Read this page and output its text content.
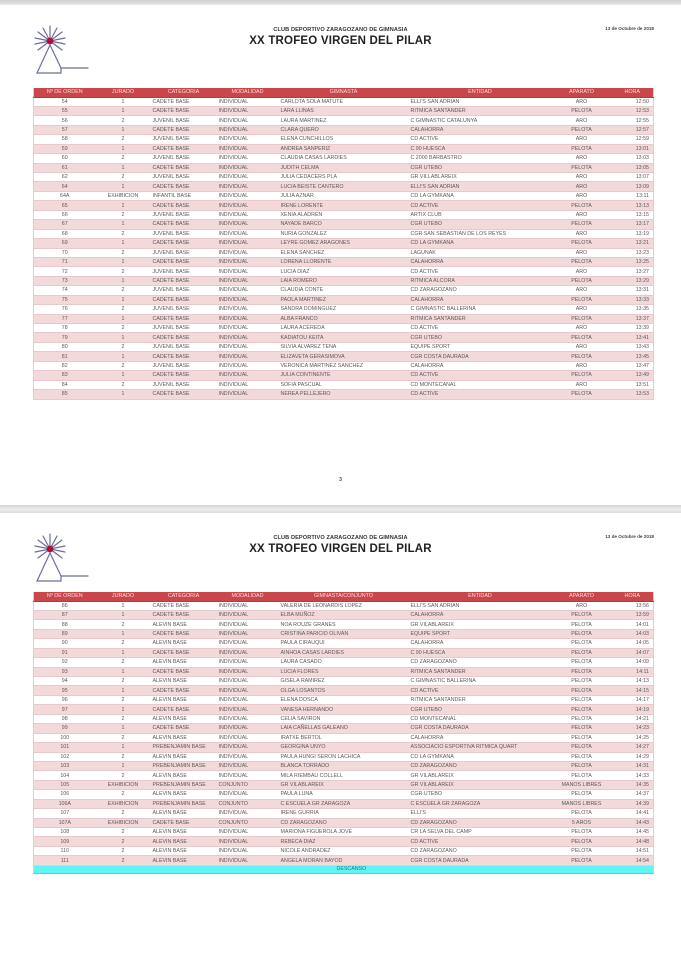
CLUB DEPORTIVO ZARAGOZANO DE GIMNASIA
XX TROFEO VIRGEN DEL PILAR
13 de Octubre de 2018
Nº DE ORDEN	JURADO	CATEGORIA	MODALIDAD	GIMNASTA	ENTIDAD	APARATO	HORA
54	1	CADETE BASE	INDIVIDUAL	CARLOTA SOLA MATUTE	ELLI'S SAN ADRIAN	ARO	12:50
55	1	CADETE BASE	INDIVIDUAL	LARA LLINAS	RITMICA SANTANDER	PELOTA	12:53
56	2	JUVENIL BASE	INDIVIDUAL	LAURA MARTINEZ	C GIMNASTIC CATALUNYA	ARO	12:55
57	1	CADETE BASE	INDIVIDUAL	CLARA QUERO	CALAHORRA	PELOTA	12:57
58	2	JUVENIL BASE	INDIVIDUAL	ELENA CUNCHILLOS	CD ACTIVE	ARO	12:59
59	1	CADETE BASE	INDIVIDUAL	ANDREA SANPERIZ	C 90 HUESCA	PELOTA	13:01
60	2	JUVENIL BASE	INDIVIDUAL	CLAUDIA CASAS LARDIES	C 2000 BARBASTRO	ARO	13:03
61	1	CADETE BASE	INDIVIDUAL	JUDITH CELMA	CGR UTEBO	PELOTA	13:05
62	2	JUVENIL BASE	INDIVIDUAL	JULIA CEDACERS PLA	GR VILLABLAREIX	ARO	13:07
64	1	CADETE BASE	INDIVIDUAL	LUCIA BEISTE CANTERO	ELLI'S SAN ADRIAN	ARO	13:09
64A	EXHIBICION	INFANTIL BASE	INDIVIDUAL	JULIA AZNAR	CD LA GYMKANA	ARO	13:11
65	1	CADETE BASE	INDIVIDUAL	IRENE LORENTE	CD ACTIVE	PELOTA	13:13
66	2	JUVENIL BASE	INDIVIDUAL	XENIA ALADREN	ARTIX CLUB	ARO	13:15
67	1	CADETE BASE	INDIVIDUAL	NAYADE BARCO	CGR UTEBO	PELOTA	13:17
68	2	JUVENIL BASE	INDIVIDUAL	NURIA GONZALEZ	CGR SAN SEBASTIAN DE LOS REYES	ARO	13:19
69	1	CADETE BASE	INDIVIDUAL	LEYRE GOMEZ ARAGONES	CD LA GYMKANA	PELOTA	13:21
70	2	JUVENIL BASE	INDIVIDUAL	ELENA SANCHEZ	LAGUNAK	ARO	13:23
71	1	CADETE BASE	INDIVIDUAL	LORENA LLORENTE	CALAHORRA	PELOTA	13:25
72	2	JUVENIL BASE	INDIVIDUAL	LUCIA DIAZ	CD ACTIVE	ARO	13:27
73	1	CADETE BASE	INDIVIDUAL	LAIA ROMERO	RITMICA ALCORA	PELOTA	13:29
74	2	JUVENIL BASE	INDIVIDUAL	CLAUDIA CONTE	CD ZARAGOZANO	ARO	13:31
75	1	CADETE BASE	INDIVIDUAL	PAOLA MARTINEZ	CALAHORRA	PELOTA	13:33
76	2	JUVENIL BASE	INDIVIDUAL	SANDRA DOMINGUEZ	C GIMNASTIC BALLERINA	ARO	13:35
77	1	CADETE BASE	INDIVIDUAL	ALBA FRANCO	RITMICA SANTANDER	PELOTA	13:37
78	2	JUVENIL BASE	INDIVIDUAL	LAURA ACEREDA	CD ACTIVE	ARO	13:39
79	1	CADETE BASE	INDIVIDUAL	KADIATOU KEITA	CGR UTEBO	PELOTA	13:41
80	2	JUVENIL BASE	INDIVIDUAL	SILVIA ALVAREZ TENA	EQUIPE SPORT	ARO	13:43
81	1	CADETE BASE	INDIVIDUAL	ELIZAVETA GERASIMOVA	CGR COSTA DAURADA	PELOTA	13:45
82	2	JUVENIL BASE	INDIVIDUAL	VERONICA MARTINEZ SANCHEZ	CALAHORRA	ARO	13:47
83	1	CADETE BASE	INDIVIDUAL	JULIA CONTINENTE	CD ACTIVE	PELOTA	13:49
84	2	JUVENIL BASE	INDIVIDUAL	SOFIA PASCUAL	CD MONTECANAL	ARO	13:51
85	1	CADETE BASE	INDIVIDUAL	NEREA PELLEJERO	CD ACTIVE	PELOTA	13:53
3
CLUB DEPORTIVO ZARAGOZANO DE GIMNASIA
XX TROFEO VIRGEN DEL PILAR
13 de Octubre de 2018
Nº DE ORDEN	JURADO	CATEGORIA	MODALIDAD	GIMNASTA/CONJUNTO	ENTIDAD	APARATO	HORA
86	1	CADETE BASE	INDIVIDUAL	VALERIA DE LEONARDIS LOPEZ	ELLI'S SAN ADRIAN	ARO	13:56
87	1	CADETE BASE	INDIVIDUAL	ELBA MUÑOZ	CALAHORRA	PELOTA	13:59
88	2	ALEVIN BASE	INDIVIDUAL	NOA ROUZE GRANES	GR VILABLAREIX	PELOTA	14:01
89	1	CADETE BASE	INDIVIDUAL	CRISTINA PARICIO OLIVAN	EQUIPE SPORT	PELOTA	14:03
90	2	ALEVIN BASE	INDIVIDUAL	PAULA CIRAUQUI	CALAHORRA	PELOTA	14:05
91	1	CADETE BASE	INDIVIDUAL	AINHOA CASAS LARDIES	C 90 HUESCA	PELOTA	14:07
92	2	ALEVIN BASE	INDIVIDUAL	LAURA CASADO	CD ZARAGOZANO	PELOTA	14:09
93	1	CADETE BASE	INDIVIDUAL	LUCIA FLORES	RITMICA SANTANDER	PELOTA	14:11
94	2	ALEVIN BASE	INDIVIDUAL	GISELA RAMIREZ	C GIMNASTIC BALLERINA	PELOTA	14:13
95	1	CADETE BASE	INDIVIDUAL	OLGA LOSANTOS	CD ACTIVE	PELOTA	14:15
96	2	ALEVIN BASE	INDIVIDUAL	ELENA DOSCA	RITMICA SANTANDER	PELOTA	14:17
97	1	CADETE BASE	INDIVIDUAL	VANESA HERNANDO	CGR UTEBO	PELOTA	14:19
98	2	ALEVIN BASE	INDIVIDUAL	CELIA SAVIRON	CD MONTECANAL	PELOTA	14:21
99	1	CADETE BASE	INDIVIDUAL	LAIA CAÑELLAS GALEANO	CGR COSTA DAURADA	PELOTA	14:23
100	2	ALEVIN BASE	INDIVIDUAL	IRATXE BERTOL	CALAHORRA	PELOTA	14:25
101	1	PREBENJAMIN BASE	INDIVIDUAL	GEORGINA UNYO	ASSOCIACIO ESPORTIVA RITMICA QUART	PELOTA	14:27
102	2	ALEVIN BASE	INDIVIDUAL	PAULA HUNGI SERON LACHICA	CD LA GYMKANA	PELOTA	14:29
103	1	PREBENJAMIN BASE	INDIVIDUAL	BLANCA TORRADO	CD ZARAGOZANO	PELOTA	14:31
104	2	ALEVIN BASE	INDIVIDUAL	MILA RIEMBAU COLLELL	GR VILABLAREIX	PELOTA	14:33
105	EXHIBICION	PREBENJAMIN BASE	CONJUNTO	GR VILABLAREIX	GR VILABLAREIX	MANOS LIBRES	14:35
106	2	ALEVIN BASE	INDIVIDUAL	PAULA LUNA	CGR UTEBO	PELOTA	14:37
106A	EXHIBICION	PREBENJAMIN BASE	CONJUNTO	C ESCUELA GR ZARAGOZA	C ESCUELA GR ZARAGOZA	MANOS LIBRES	14:39
107	2	ALEVIN BASE	INDIVIDUAL	IRENE GURRIA	ELLI'S	PELOTA	14:41
107A	EXHIBICION	CADETE BASE	CONJUNTO	CD ZARAGOZANO	CD ZARAGOZANO	5 AROS	14:43
108	2	ALEVIN BASE	INDIVIDUAL	MARIONA FIGUEROLA JOVE	CR LA SELVA DEL CAMP	PELOTA	14:45
109	2	ALEVIN BASE	INDIVIDUAL	REBECA DIAZ	CD ACTIVE	PELOTA	14:48
110	2	ALEVIN BASE	INDIVIDUAL	NICOLE ANDRADEZ	CD ZARAGOZANO	PELOTA	14:51
111	2	ALEVIN BASE	INDIVIDUAL	ANGELA MORAN BAYOD	CGR COSTA DAURADA	PELOTA	14:54
				DESCANSO			
